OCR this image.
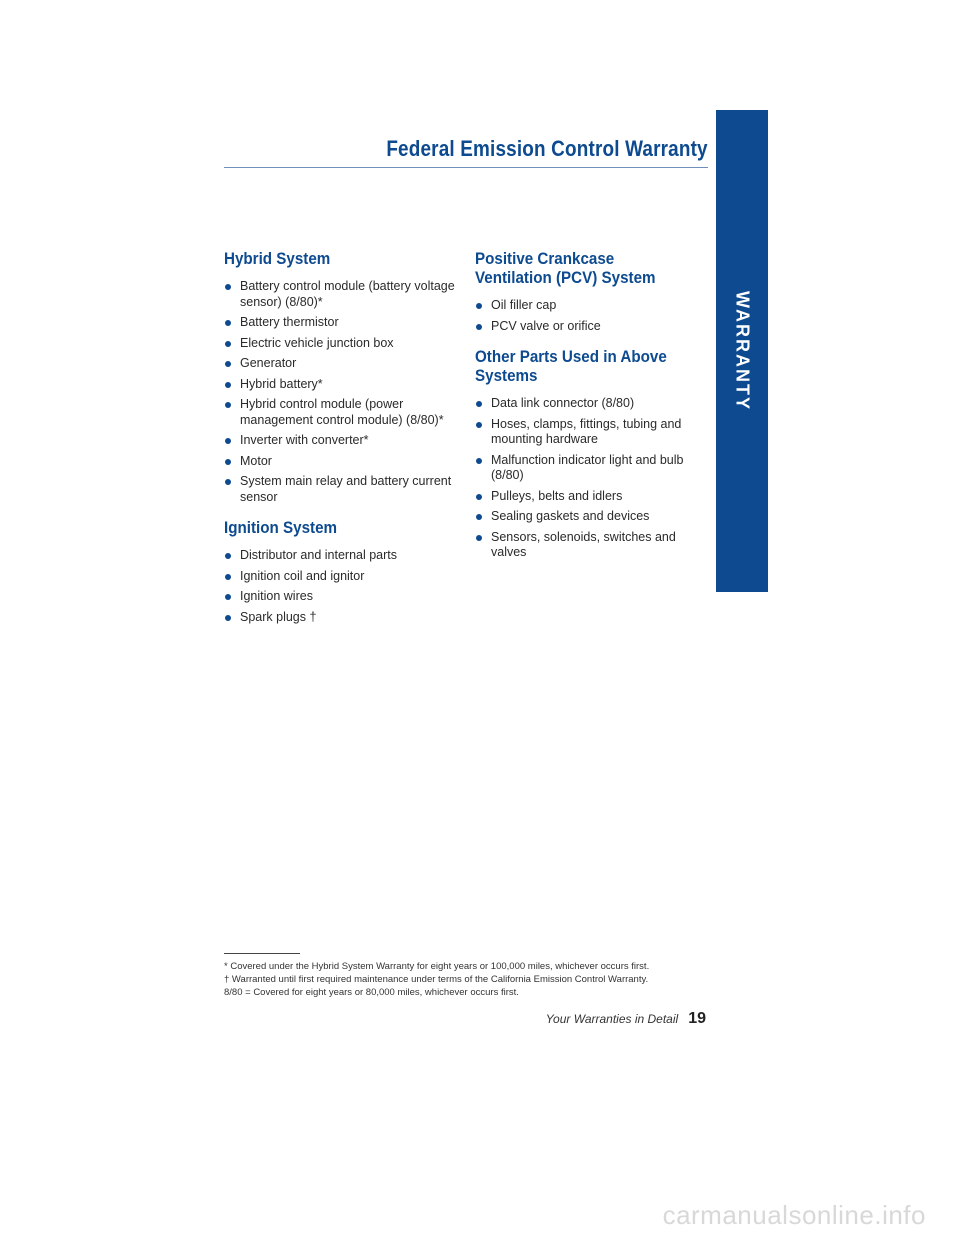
Federal Emission Control Warranty
WARRANTY
Hybrid System
Battery control module (battery voltage sensor) (8/80)*
Battery thermistor
Electric vehicle junction box
Generator
Hybrid battery*
Hybrid control module (power management control module) (8/80)*
Inverter with converter*
Motor
System main relay and battery current sensor
Ignition System
Distributor and internal parts
Ignition coil and ignitor
Ignition wires
Spark plugs †
Positive Crankcase Ventilation (PCV) System
Oil filler cap
PCV valve or orifice
Other Parts Used in Above Systems
Data link connector (8/80)
Hoses, clamps, fittings, tubing and mounting hardware
Malfunction indicator light and bulb (8/80)
Pulleys, belts and idlers
Sealing gaskets and devices
Sensors, solenoids, switches and valves
* Covered under the Hybrid System Warranty for eight years or 100,000 miles, whichever occurs first.
† Warranted until first required maintenance under terms of the California Emission Control Warranty.
8/80 = Covered for eight years or 80,000 miles, whichever occurs first.
Your Warranties in Detail 19
carmanualsonline.info
